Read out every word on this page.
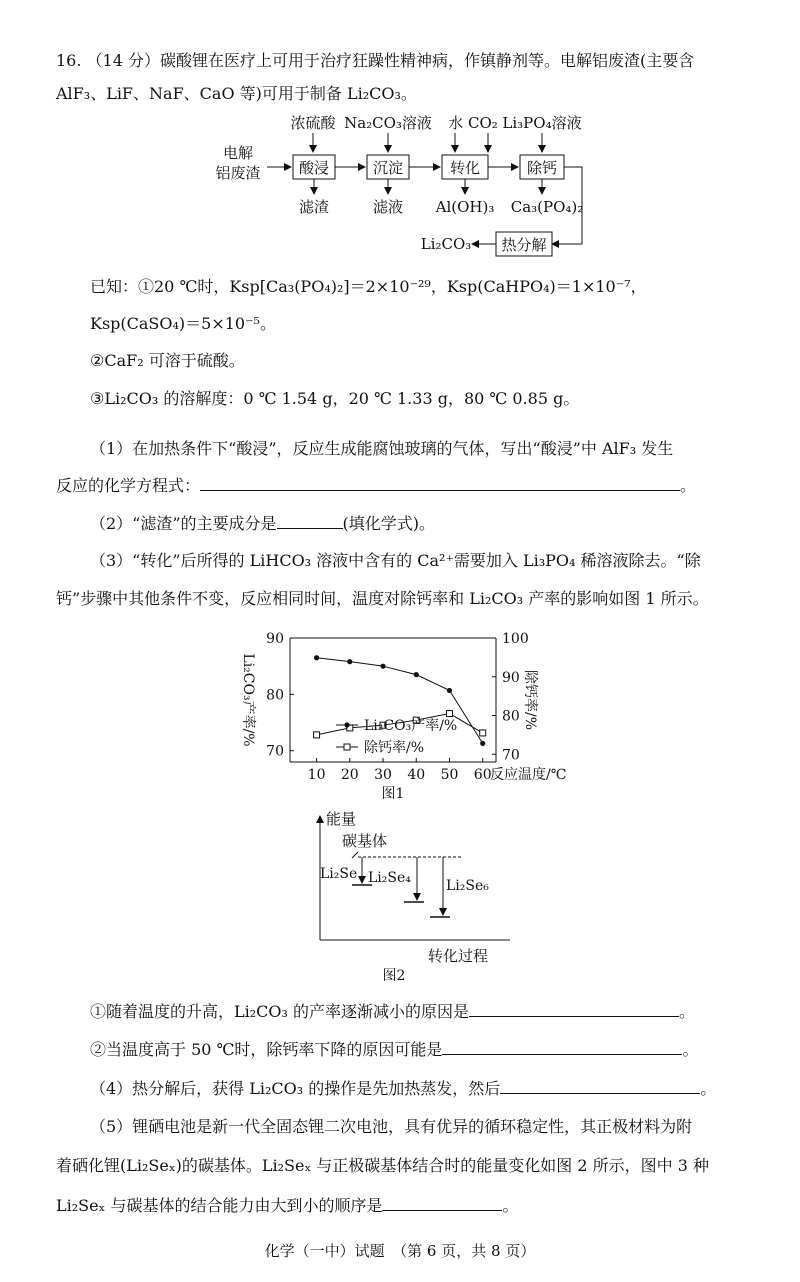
16. （14 分）碳酸锂在医疗上可用于治疗狂躁性精神病，作镇静剂等。电解铝废渣(主要含
AlF₃、LiF、NaF、CaO 等)可用于制备 Li₂CO₃。
浓硫酸 Na₂CO₃溶液 水 CO₂ Li₃PO₄溶液
电解
铝废渣	酸浸	沉淀	转化	除钙
滤渣	滤液 Al(OH)₃ Ca₃(PO₄)₂
热分解
Li₂CO₃
已知：①20 ℃时，Ksp[Ca₃(PO₄)₂]＝2×10⁻²⁹，Ksp(CaHPO₄)＝1×10⁻⁷，
Ksp(CaSO₄)＝5×10⁻⁵。
②CaF₂ 可溶于硫酸。
③Li₂CO₃ 的溶解度：0 ℃ 1.54 g，20 ℃ 1.33 g，80 ℃ 0.85 g。
（1）在加热条件下“酸浸”，反应生成能腐蚀玻璃的气体，写出“酸浸”中 AlF₃ 发生
反应的化学方程式：	。
（2）“滤渣”的主要成分是	(填化学式)。
（3）“转化”后所得的 LiHCO₃ 溶液中含有的 Ca²⁺需要加入 Li₃PO₄ 稀溶液除去。“除
钙”步骤中其他条件不变，反应相同时间，温度对除钙率和 Li₂CO₃ 产率的影响如图 1 所示。
10 20 30 40 50 60
70
80
90
70
80
90
100
Li₂CO₃产率/%	除钙率/%
反应温度/℃
图1
Li₂CO₃产率/%
除钙率/%
能量
碳基体
Li₂Se Li₂Se₄	Li₂Se₆
转化过程
图2
①随着温度的升高，Li₂CO₃ 的产率逐渐减小的原因是	。
②当温度高于 50 ℃时，除钙率下降的原因可能是	。
（4）热分解后，获得 Li₂CO₃ 的操作是先加热蒸发，然后	。
（5）锂硒电池是新一代全固态锂二次电池，具有优异的循环稳定性，其正极材料为附
着硒化锂(Li₂Seₓ)的碳基体。Li₂Seₓ 与正极碳基体结合时的能量变化如图 2 所示，图中 3 种
Li₂Seₓ 与碳基体的结合能力由大到小的顺序是	。
化学（一中）试题　（第 6 页，共 8 页）
